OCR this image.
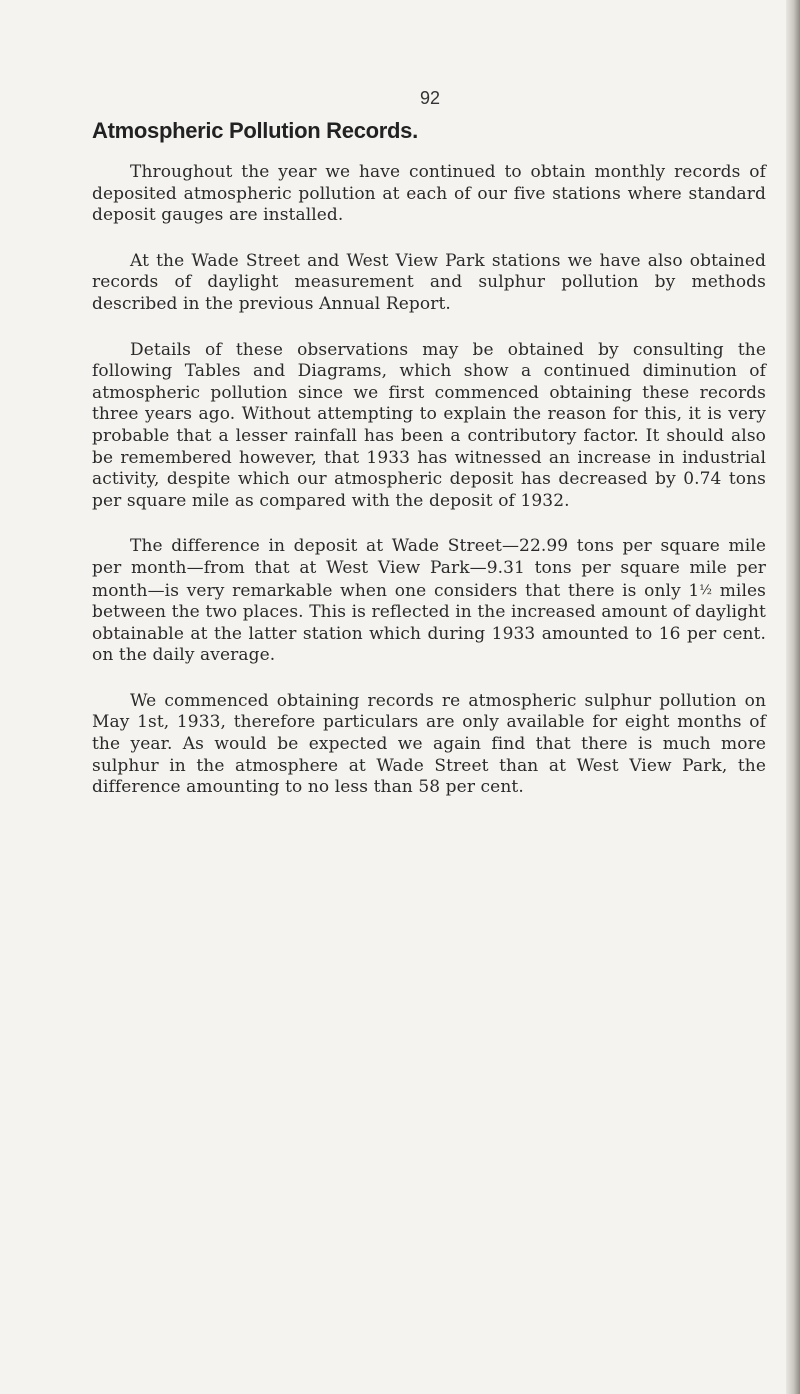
92
Atmospheric Pollution Records.

Throughout the year we have continued to obtain monthly records of deposited atmospheric pollution at each of our five stations where standard deposit gauges are installed.

At the Wade Street and West View Park stations we have also obtained records of daylight measurement and sulphur pollution by methods described in the previous Annual Report.

Details of these observations may be obtained by consulting the following Tables and Diagrams, which show a continued diminution of atmospheric pollution since we first commenced obtaining these records three years ago. Without attempting to explain the reason for this, it is very probable that a lesser rainfall has been a contributory factor. It should also be remembered however, that 1933 has witnessed an increase in industrial activity, despite which our atmospheric deposit has decreased by 0.74 tons per square mile as compared with the deposit of 1932.

The difference in deposit at Wade Street—22.99 tons per square mile per month—from that at West View Park—9.31 tons per square mile per month—is very remarkable when one considers that there is only 1½ miles between the two places. This is reflected in the increased amount of daylight obtainable at the latter station which during 1933 amounted to 16 per cent. on the daily average.

We commenced obtaining records re atmospheric sulphur pollution on May 1st, 1933, therefore particulars are only available for eight months of the year. As would be expected we again find that there is much more sulphur in the atmosphere at Wade Street than at West View Park, the difference amounting to no less than 58 per cent.
